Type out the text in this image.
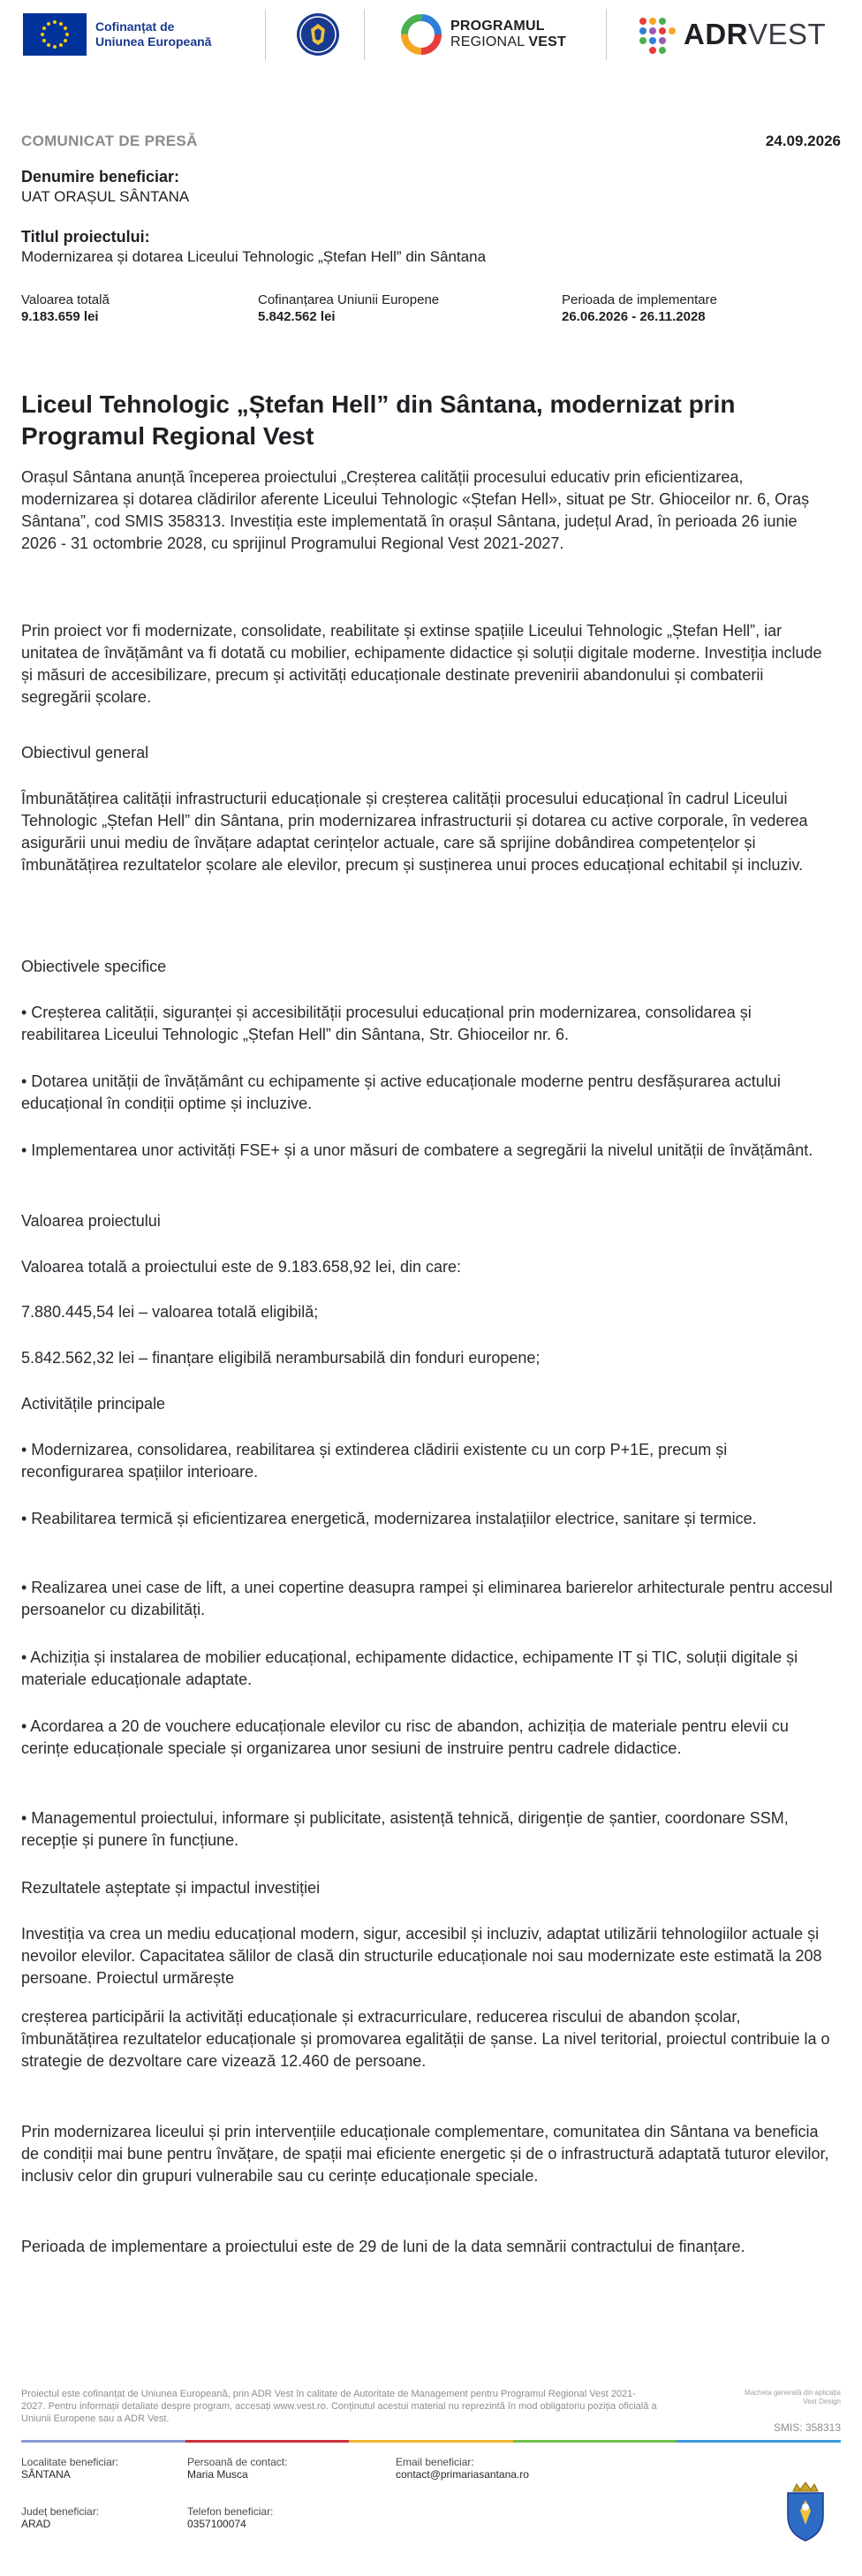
Cofinanțat de
Uniunea Europeană
PROGRAMUL
REGIONAL VEST	ADRVEST
COMUNICAT DE PRESĂ	24.09.2026
Denumire beneficiar:
UAT ORAȘUL SÂNTANA
Titlul proiectului:
Modernizarea și dotarea Liceului Tehnologic „Ștefan Hell” din Sântana
Valoarea totală
9.183.659 lei
Cofinanțarea Uniunii Europene
5.842.562 lei
Perioada de implementare
26.06.2026 - 26.11.2028
Liceul Tehnologic „Ștefan Hell” din Sântana, modernizat prin Programul Regional Vest
Orașul Sântana anunță începerea proiectului „Creșterea calității procesului educativ prin eficientizarea, modernizarea și dotarea clădirilor aferente Liceului Tehnologic «Ștefan Hell», situat pe Str. Ghioceilor nr. 6, Oraș Sântana”, cod SMIS 358313. Investiția este implementată în orașul Sântana, județul Arad, în perioada 26 iunie 2026 - 31 octombrie 2028, cu sprijinul Programului Regional Vest 2021-2027.
Prin proiect vor fi modernizate, consolidate, reabilitate și extinse spațiile Liceului Tehnologic „Ștefan Hell”, iar unitatea de învățământ va fi dotată cu mobilier, echipamente didactice și soluții digitale moderne. Investiția include și măsuri de accesibilizare, precum și activități educaționale destinate prevenirii abandonului și combaterii segregării școlare.
Obiectivul general
Îmbunătățirea calității infrastructurii educaționale și creșterea calității procesului educațional în cadrul Liceului Tehnologic „Ștefan Hell” din Sântana, prin modernizarea infrastructurii și dotarea cu active corporale, în vederea asigurării unui mediu de învățare adaptat cerințelor actuale, care să sprijine dobândirea competențelor și îmbunătățirea rezultatelor școlare ale elevilor, precum și susținerea unui proces educațional echitabil și incluziv.
Obiectivele specifice
• Creșterea calității, siguranței și accesibilității procesului educațional prin modernizarea, consolidarea și reabilitarea Liceului Tehnologic „Ștefan Hell” din Sântana, Str. Ghioceilor nr. 6.
• Dotarea unității de învățământ cu echipamente și active educaționale moderne pentru desfășurarea actului educațional în condiții optime și incluzive.
• Implementarea unor activități FSE+ și a unor măsuri de combatere a segregării la nivelul unității de învățământ.
Valoarea proiectului
Valoarea totală a proiectului este de 9.183.658,92 lei, din care:
7.880.445,54 lei – valoarea totală eligibilă;
5.842.562,32 lei – finanțare eligibilă nerambursabilă din fonduri europene;
Activitățile principale
• Modernizarea, consolidarea, reabilitarea și extinderea clădirii existente cu un corp P+1E, precum și reconfigurarea spațiilor interioare.
• Reabilitarea termică și eficientizarea energetică, modernizarea instalațiilor electrice, sanitare și termice.
• Realizarea unei case de lift, a unei copertine deasupra rampei și eliminarea barierelor arhitecturale pentru accesul persoanelor cu dizabilități.
• Achiziția și instalarea de mobilier educațional, echipamente didactice, echipamente IT și TIC, soluții digitale și materiale educaționale adaptate.
• Acordarea a 20 de vouchere educaționale elevilor cu risc de abandon, achiziția de materiale pentru elevii cu cerințe educaționale speciale și organizarea unor sesiuni de instruire pentru cadrele didactice.
• Managementul proiectului, informare și publicitate, asistență tehnică, dirigenție de șantier, coordonare SSM, recepție și punere în funcțiune.
Rezultatele așteptate și impactul investiției
Investiția va crea un mediu educațional modern, sigur, accesibil și incluziv, adaptat utilizării tehnologiilor actuale și nevoilor elevilor. Capacitatea sălilor de clasă din structurile educaționale noi sau modernizate este estimată la 208 persoane. Proiectul urmărește
creșterea participării la activități educaționale și extracurriculare, reducerea riscului de abandon școlar, îmbunătățirea rezultatelor educaționale și promovarea egalității de șanse. La nivel teritorial, proiectul contribuie la o strategie de dezvoltare care vizează 12.460 de persoane.
Prin modernizarea liceului și prin intervențiile educaționale complementare, comunitatea din Sântana va beneficia de condiții mai bune pentru învățare, de spații mai eficiente energetic și de o infrastructură adaptată tuturor elevilor, inclusiv celor din grupuri vulnerabile sau cu cerințe educaționale speciale.
Perioada de implementare a proiectului este de 29 de luni de la data semnării contractului de finanțare.
Proiectul este cofinanțat de Uniunea Europeană, prin ADR Vest în calitate de Autoritate de Management pentru Programul Regional Vest 2021-2027. Pentru informații detaliate despre program, accesați www.vest.ro. Conținutul acestui material nu reprezintă în mod obligatoriu poziția oficială a Uniunii Europene sau a ADR Vest.
Macheta generată din aplicația Vest Design
SMIS: 358313
Localitate beneficiar:
SÂNTANA
Județ beneficiar:
ARAD
Persoană de contact:
Maria Musca
Telefon beneficiar:
0357100074
Email beneficiar:
contact@primariasantana.ro
